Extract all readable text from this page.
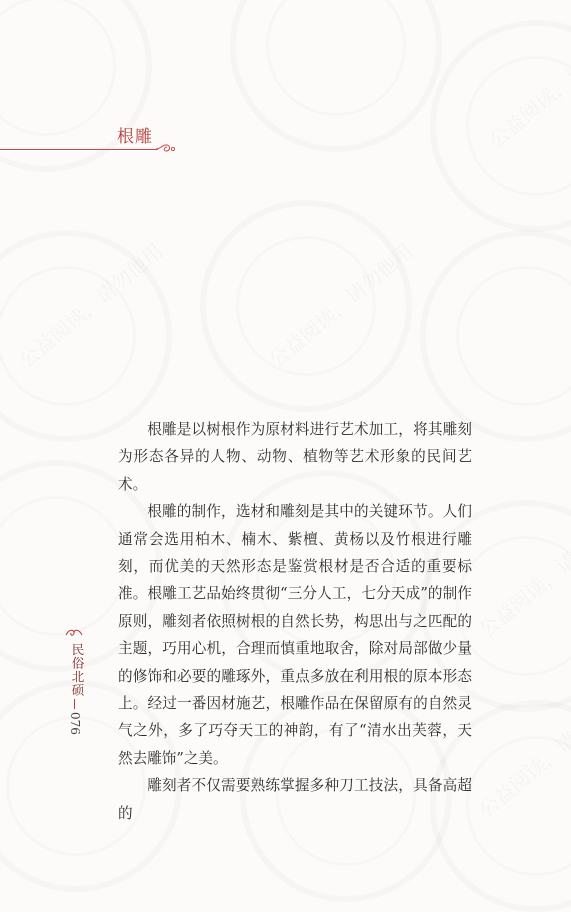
根雕

根雕是以树根作为原材料进行艺术加工，将其雕刻为形态各异的人物、动物、植物等艺术形象的民间艺术。

根雕的制作，选材和雕刻是其中的关键环节。人们通常会选用柏木、楠木、紫檀、黄杨以及竹根进行雕刻，而优美的天然形态是鉴赏根材是否合适的重要标准。根雕工艺品始终贯彻“三分人工，七分天成”的制作原则，雕刻者依照树根的自然长势，构思出与之匹配的主题，巧用心机，合理而慎重地取舍，除对局部做少量的修饰和必要的雕琢外，重点多放在利用根的原本形态上。经过一番因材施艺，根雕作品在保留原有的自然灵气之外，多了巧夺天工的神韵，有了“清水出芙蓉，天然去雕饰”之美。

雕刻者不仅需要熟练掌握多种刀工技法，具备高超的

民俗北硕
076
